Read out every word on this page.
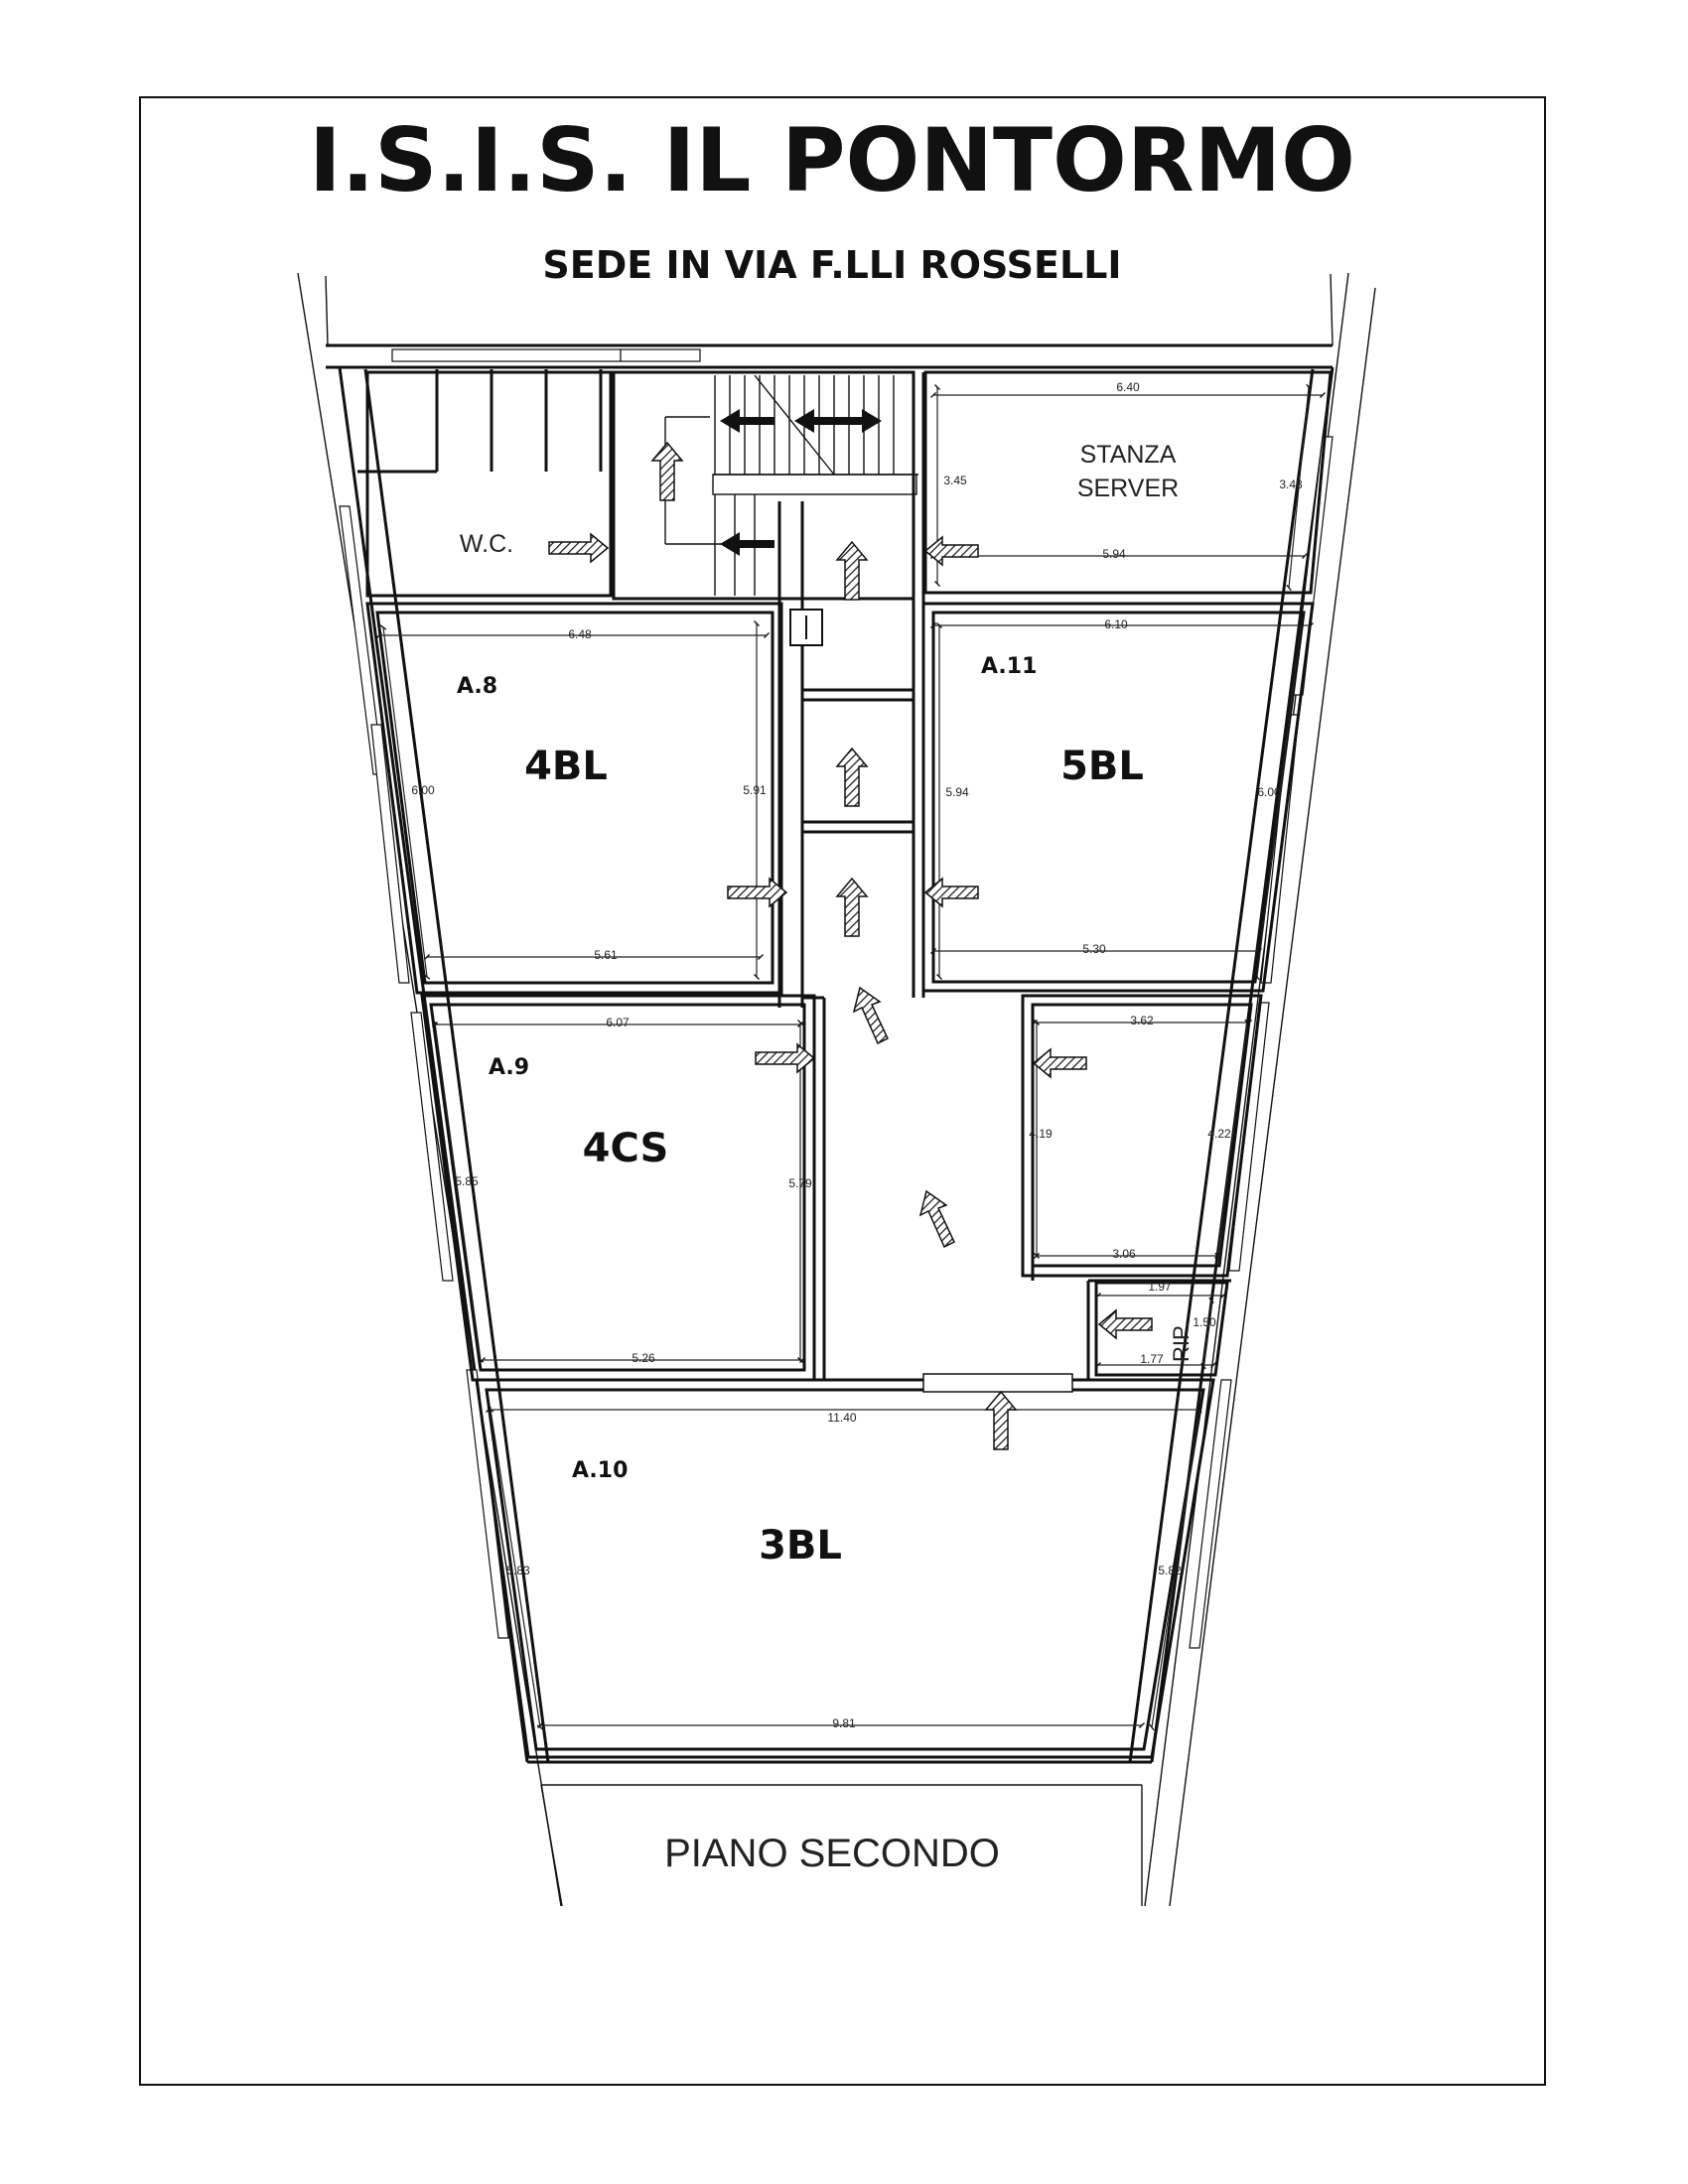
I.S.I.S. IL PONTORMO
SEDE IN VIA F.LLI ROSSELLI
W.C.
STANZA
SERVER
A.8
4BL
A.11
5BL
A.9
4CS
RIP.
A.10
3BL
6.40
3.45	3.48
5.94
6.48
6.00	5.91
5.61
6.10
5.94	6.00
5.30
6.07
5.85	5.79
5.26
3.62
4.19	4.22
3.06
1.97
1.50
1.77
11.40
5.83	5.82
9.81
PIANO SECONDO
